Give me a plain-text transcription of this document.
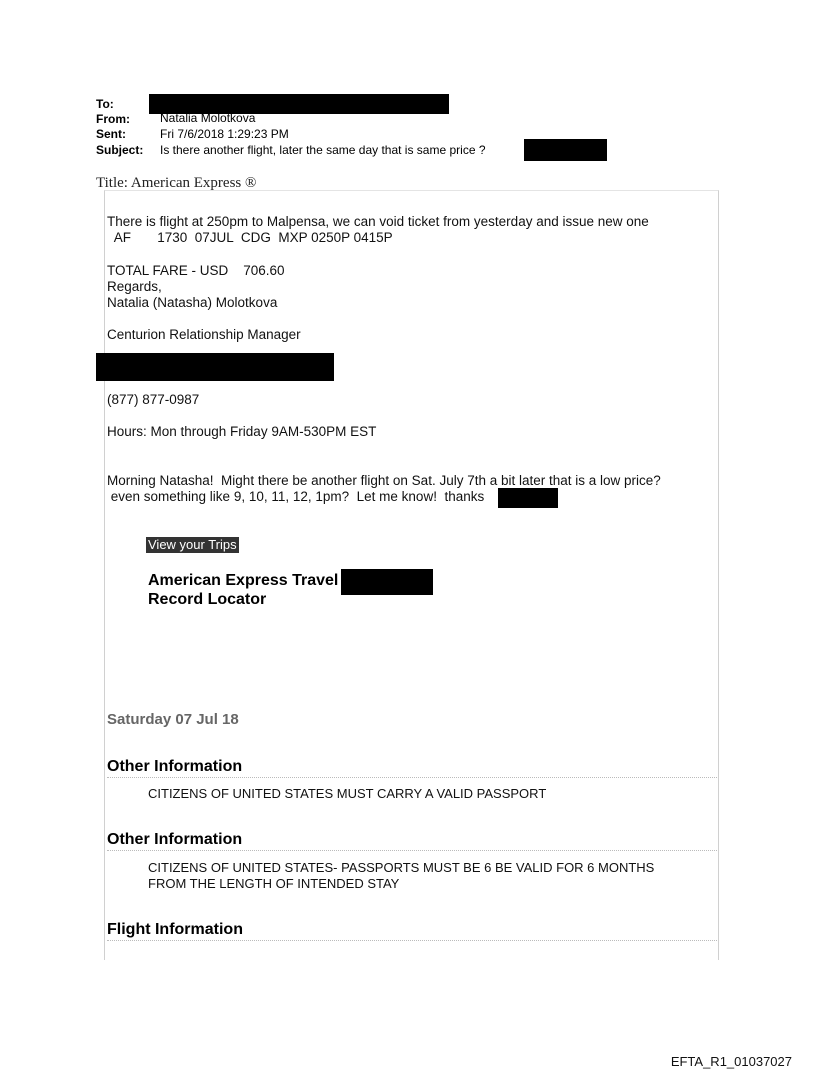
To:
From:	Natalia Molotkova
Sent:	Fri 7/6/2018 1:29:23 PM
Subject: Is there another flight, later the same day that is same price ?
Title: American Express ®
There is flight at 250pm to Malpensa, we can void ticket from yesterday and issue new one
AF       1730  07JUL  CDG  MXP 0250P 0415P
TOTAL FARE - USD    706.60
Regards,
Natalia (Natasha) Molotkova
Centurion Relationship Manager
(877) 877-0987
Hours: Mon through Friday 9AM-530PM EST
Morning Natasha!  Might there be another flight on Sat. July 7th a bit later that is a low price?
even something like 9, 10, 11, 12, 1pm?  Let me know!  thanks
View your Trips
American Express Travel
Record Locator
Saturday 07 Jul 18
Other Information
CITIZENS OF UNITED STATES MUST CARRY A VALID PASSPORT
Other Information
CITIZENS OF UNITED STATES- PASSPORTS MUST BE 6 BE VALID FOR 6 MONTHS
FROM THE LENGTH OF INTENDED STAY
Flight Information
EFTA_R1_01037027
